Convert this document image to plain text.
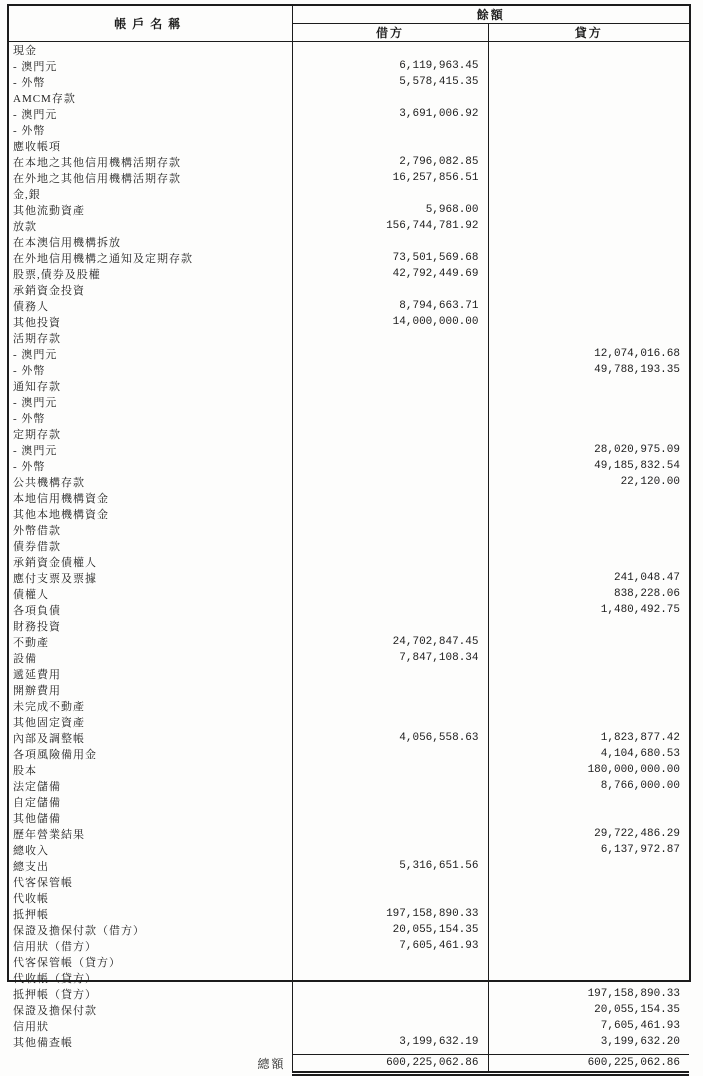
帳戶名稱	餘額	
	借方	貸方
現金		
- 澳門元	6,119,963.45	
- 外幣	5,578,415.35	
AMCM存款		
- 澳門元	3,691,006.92	
- 外幣		
應收帳項		
在本地之其他信用機構活期存款	2,796,082.85	
在外地之其他信用機構活期存款	16,257,856.51	
金,銀		
其他流動資產	5,968.00	
放款	156,744,781.92	
在本澳信用機構拆放		
在外地信用機構之通知及定期存款	73,501,569.68	
股票,債券及股權	42,792,449.69	
承銷資金投資		
債務人	8,794,663.71	
其他投資	14,000,000.00	
活期存款		
- 澳門元		12,074,016.68
- 外幣		49,788,193.35
通知存款		
- 澳門元		
- 外幣		
定期存款		
- 澳門元		28,020,975.09
- 外幣		49,185,832.54
公共機構存款		22,120.00
本地信用機構資金		
其他本地機構資金		
外幣借款		
債券借款		
承銷資金債權人		
應付支票及票據		241,048.47
債權人		838,228.06
各項負債		1,480,492.75
財務投資		
不動產	24,702,847.45	
設備	7,847,108.34	
遞延費用		
開辦費用		
未完成不動產		
其他固定資產		
內部及調整帳	4,056,558.63	1,823,877.42
各項風險備用金		4,104,680.53
股本		180,000,000.00
法定儲備		8,766,000.00
自定儲備		
其他儲備		
歷年營業結果		29,722,486.29
總收入		6,137,972.87
總支出	5,316,651.56	
代客保管帳		
代收帳		
抵押帳	197,158,890.33	
保證及擔保付款（借方）	20,055,154.35	
信用狀（借方）	7,605,461.93	
代客保管帳（貸方）		
代收帳（貸方）		
抵押帳（貸方）		197,158,890.33
保證及擔保付款		20,055,154.35
信用狀		7,605,461.93
其他備查帳	3,199,632.19	3,199,632.20

總額	600,225,062.86	600,225,062.86
